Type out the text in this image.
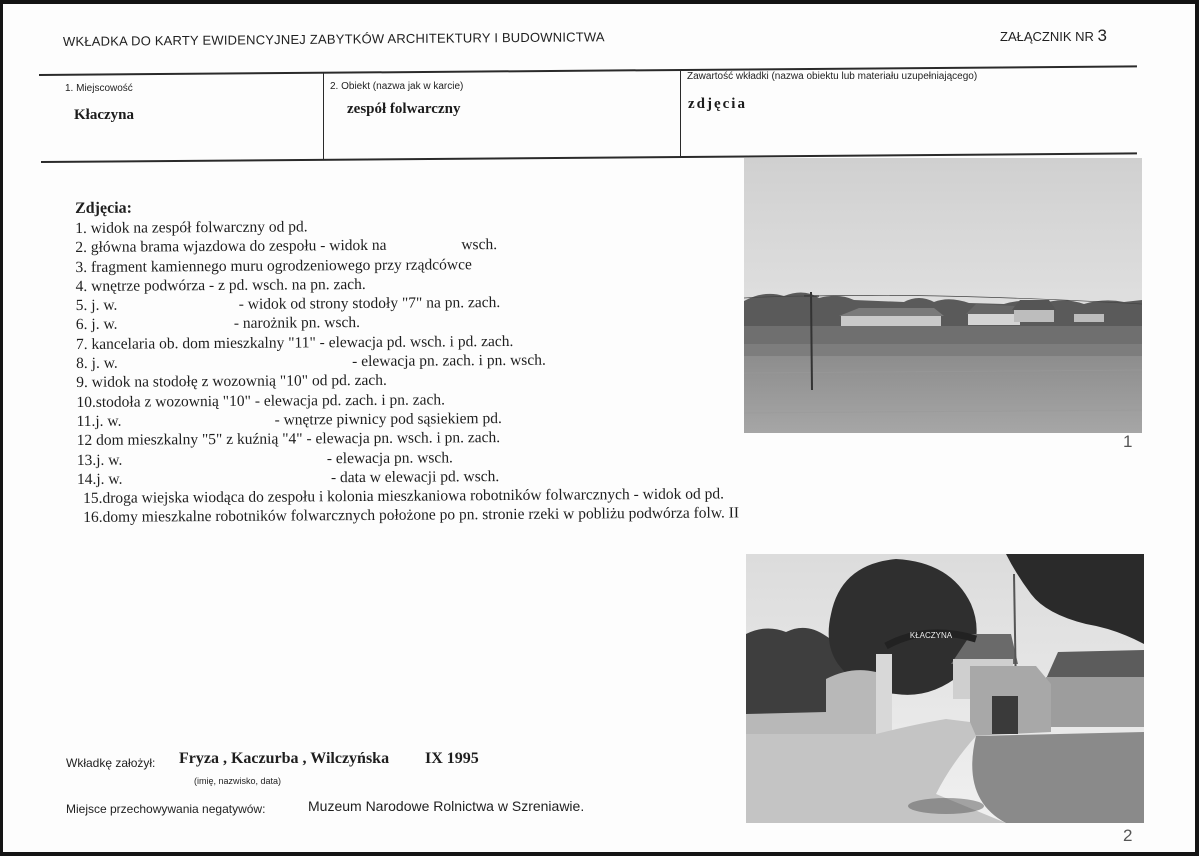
WKŁADKA DO KARTY EWIDENCYJNEJ ZABYTKÓW ARCHITEKTURY I BUDOWNICTWA	ZAŁĄCZNIK NR 3
1. Miejscowość
Kłaczyna
2. Obiekt (nazwa jak w karcie)
zespół folwarczny
Zawartość wkładki (nazwa obiektu lub materiału uzupełniającego)
zdjęcia
Zdjęcia:
1. widok na zespół folwarczny od pd.
2. główna brama wjazdowa do zespołu - widok na	wsch.
3. fragment kamiennego muru ogrodzeniowego przy rządcówce
4. wnętrze podwórza - z pd. wsch. na pn. zach.
5. j. w.	- widok od strony stodoły "7" na pn. zach.
6. j. w.	- narożnik pn. wsch.
7. kancelaria ob. dom mieszkalny "11" - elewacja pd. wsch. i pd. zach.
8. j. w.	- elewacja pn. zach. i pn. wsch.
9. widok na stodołę z wozownią "10" od pd. zach.
10.stodoła z wozownią "10" - elewacja pd. zach. i pn. zach.
11.j. w.	- wnętrze piwnicy pod sąsiekiem pd.
12 dom mieszkalny "5" z kuźnią "4" - elewacja pn. wsch. i pn. zach.
13.j. w.	- elewacja pn. wsch.
14.j. w.	- data w elewacji pd. wsch.
15.droga wiejska wiodąca do zespołu i kolonia mieszkaniowa robotników folwarcznych - widok od pd.
16.domy mieszkalne robotników folwarcznych położone po pn. stronie rzeki w pobliżu podwórza folw. II
1
KŁACZYNA
2
Wkładkę założył: Fryza , Kaczurba , Wilczyńska IX 1995
(imię, nazwisko, data)
Miejsce przechowywania negatywów:	Muzeum Narodowe Rolnictwa w Szreniawie.
